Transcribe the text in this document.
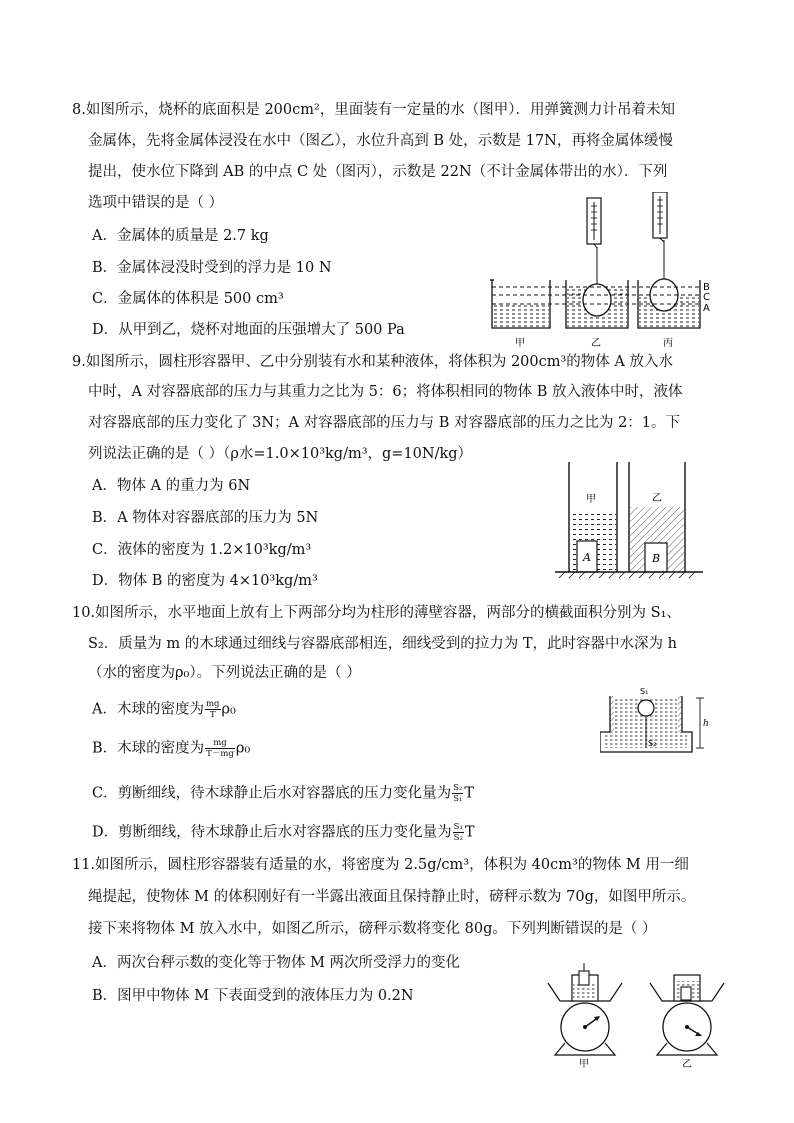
8.如图所示，烧杯的底面积是 200cm²，里面装有一定量的水（图甲）．用弹簧测力计吊着未知
金属体，先将金属体浸没在水中（图乙），水位升高到 B 处，示数是 17N，再将金属体缓慢
提出，使水位下降到 AB 的中点 C 处（图丙），示数是 22N（不计金属体带出的水）．下列
选项中错误的是（ ）
A．金属体的质量是 2.7 kg
B．金属体浸没时受到的浮力是 10 N
C．金属体的体积是 500 cm³
D．从甲到乙，烧杯对地面的压强增大了 500 Pa
B
C
A
甲	乙	丙
9.如图所示，圆柱形容器甲、乙中分别装有水和某种液体，将体积为 200cm³的物体 A 放入水
中时，A 对容器底部的压力与其重力之比为 5：6；将体积相同的物体 B 放入液体中时，液体
对容器底部的压力变化了 3N；A 对容器底部的压力与 B 对容器底部的压力之比为 2：1。下
列说法正确的是（ ）（ρ水=1.0×10³kg/m³，g=10N/kg）
A．物体 A 的重力为 6N
B．A 物体对容器底部的压力为 5N
C．液体的密度为 1.2×10³kg/m³
D．物体 B 的密度为 4×10³kg/m³
A
甲
B
乙
10.如图所示，水平地面上放有上下两部分均为柱形的薄壁容器，两部分的横截面积分别为 S₁、
S₂．质量为 m 的木球通过细线与容器底部相连，细线受到的拉力为 T，此时容器中水深为 h
（水的密度为ρ₀）。下列说法正确的是（ ）
A．木球的密度为 $\frac{mg}{T} \rho_0$
B．木球的密度为 $\frac{mg}{T-mg} \rho_0$
C．剪断细线，待木球静止后水对容器底的压力变化量为 $\frac{\text{S₂}}{\text{S₁}}$ T
D．剪断细线，待木球静止后水对容器底的压力变化量为 $\frac{\text{S₁}}{\text{S₂}}$ T
S₁
S₂
h
11.如图所示，圆柱形容器装有适量的水，将密度为 2.5g/cm³，体积为 40cm³的物体 M 用一细
绳提起，使物体 M 的体积刚好有一半露出液面且保持静止时，磅秤示数为 70g，如图甲所示。
接下来将物体 M 放入水中，如图乙所示，磅秤示数将变化 80g。下列判断错误的是（ ）
A．两次台秤示数的变化等于物体 M 两次所受浮力的变化
B．图甲中物体 M 下表面受到的液体压力为 0.2N
甲	乙
